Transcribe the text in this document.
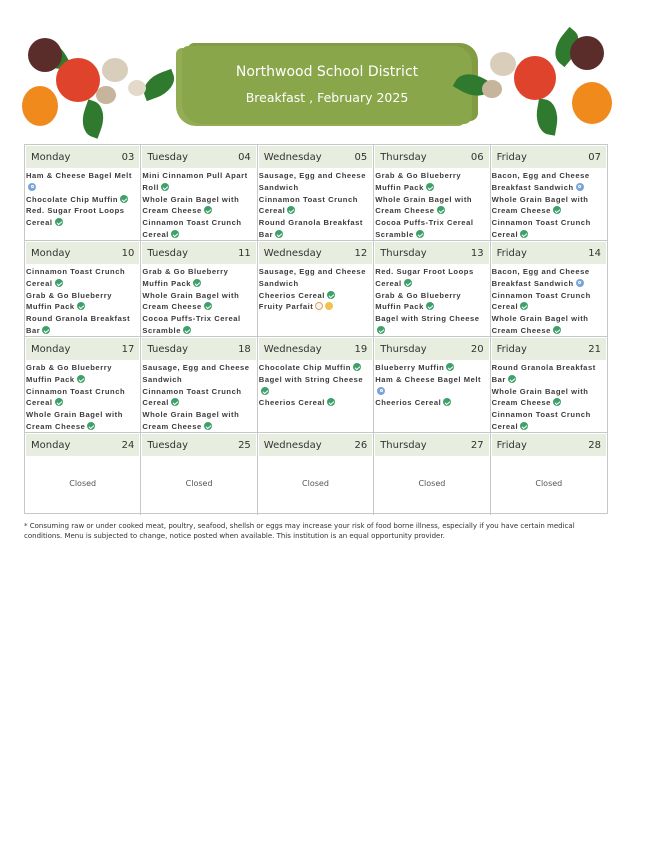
Northwood School District
Breakfast , February 2025
Monday	03
Ham & Cheese Bagel Melt
Chocolate Chip Muffin
Red. Sugar Froot Loops Cereal
Tuesday	04
Mini Cinnamon Pull Apart Roll
Whole Grain Bagel with Cream Cheese
Cinnamon Toast Crunch Cereal
Wednesday	05
Sausage, Egg and Cheese Sandwich
Cinnamon Toast Crunch Cereal
Round Granola Breakfast Bar
Thursday	06
Grab & Go Blueberry Muffin Pack
Whole Grain Bagel with Cream Cheese
Cocoa Puffs-Trix Cereal Scramble
Friday	07
Bacon, Egg and Cheese Breakfast Sandwich
Whole Grain Bagel with Cream Cheese
Cinnamon Toast Crunch Cereal
Monday	10
Cinnamon Toast Crunch Cereal
Grab & Go Blueberry Muffin Pack
Round Granola Breakfast Bar
Tuesday	11
Grab & Go Blueberry Muffin Pack
Whole Grain Bagel with Cream Cheese
Cocoa Puffs-Trix Cereal Scramble
Wednesday	12
Sausage, Egg and Cheese Sandwich
Cheerios Cereal
Fruity Parfait
Thursday	13
Red. Sugar Froot Loops Cereal
Grab & Go Blueberry Muffin Pack
Bagel with String Cheese
Friday	14
Bacon, Egg and Cheese Breakfast Sandwich
Cinnamon Toast Crunch Cereal
Whole Grain Bagel with Cream Cheese
Monday	17
Grab & Go Blueberry Muffin Pack
Cinnamon Toast Crunch Cereal
Whole Grain Bagel with Cream Cheese
Tuesday	18
Sausage, Egg and Cheese Sandwich
Cinnamon Toast Crunch Cereal
Whole Grain Bagel with Cream Cheese
Wednesday	19
Chocolate Chip Muffin
Bagel with String Cheese
Cheerios Cereal
Thursday	20
Blueberry Muffin
Ham & Cheese Bagel Melt
Cheerios Cereal
Friday	21
Round Granola Breakfast Bar
Whole Grain Bagel with Cream Cheese
Cinnamon Toast Crunch Cereal
Monday	24
Closed
Tuesday	25
Closed
Wednesday	26
Closed
Thursday	27
Closed
Friday	28
Closed
* Consuming raw or under cooked meat, poultry, seafood, shellsh or eggs may increase your risk of food borne illness, especially if you have certain medical conditions. Menu is subjected to change, notice posted when available. This institution is an equal opportunity provider.
